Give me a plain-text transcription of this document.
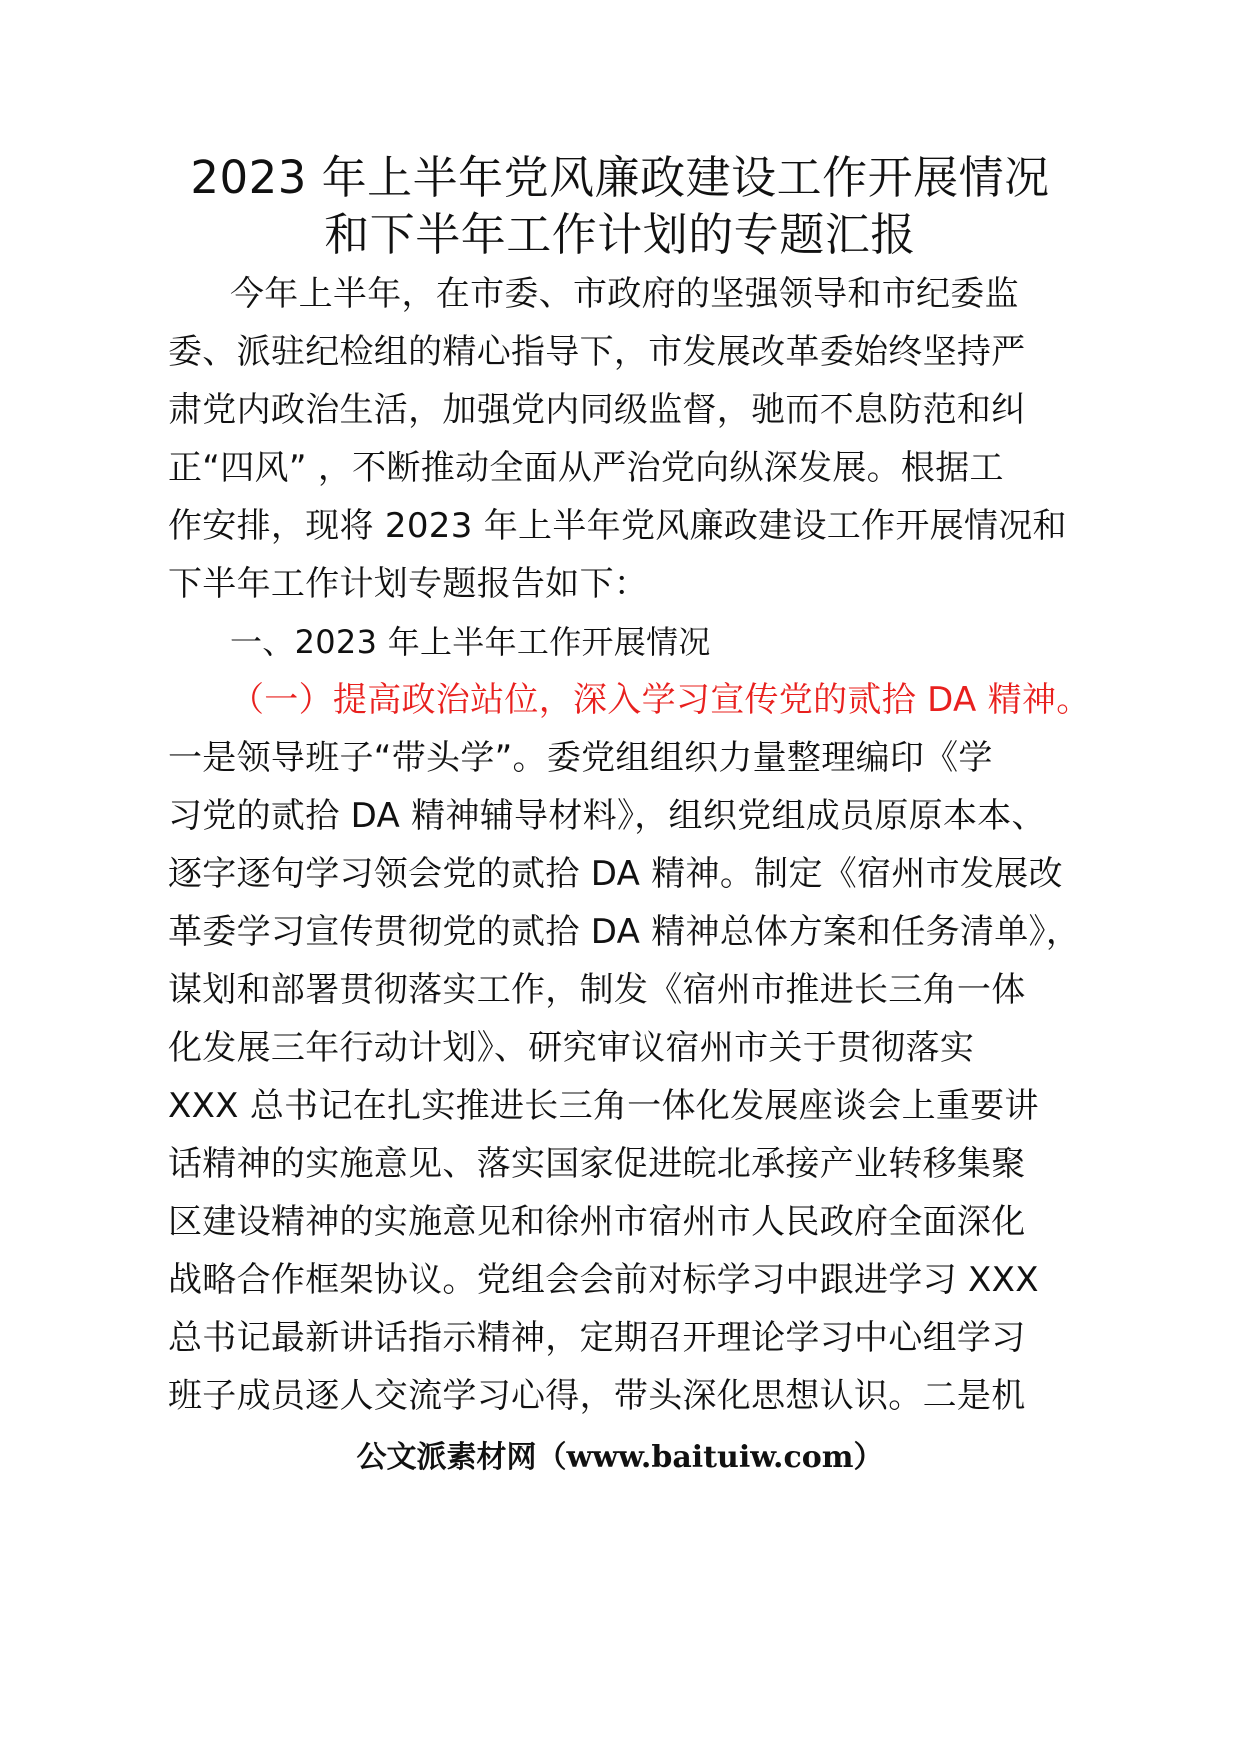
2023 年上半年党风廉政建设工作开展情况
和下半年工作计划的专题汇报
今年上半年，在市委、市政府的坚强领导和市纪委监
委、派驻纪检组的精心指导下，市发展改革委始终坚持严
肃党内政治生活，加强党内同级监督，驰而不息防范和纠
正“四风” ，不断推动全面从严治党向纵深发展。根据工
作安排，现将 2023 年上半年党风廉政建设工作开展情况和
下半年工作计划专题报告如下：
一、2023 年上半年工作开展情况
（一）提高政治站位，深入学习宣传党的贰拾 DA 精神。
一是领导班子“带头学”。委党组组织力量整理编印《学
习党的贰拾 DA 精神辅导材料》，组织党组成员原原本本、
逐字逐句学习领会党的贰拾 DA 精神。制定《宿州市发展改
革委学习宣传贯彻党的贰拾 DA 精神总体方案和任务清单》，
谋划和部署贯彻落实工作，制发《宿州市推进长三角一体
化发展三年行动计划》、研究审议宿州市关于贯彻落实
XXX 总书记在扎实推进长三角一体化发展座谈会上重要讲
话精神的实施意见、落实国家促进皖北承接产业转移集聚
区建设精神的实施意见和徐州市宿州市人民政府全面深化
战略合作框架协议。党组会会前对标学习中跟进学习 XXX
总书记最新讲话指示精神，定期召开理论学习中心组学习
班子成员逐人交流学习心得，带头深化思想认识。二是机
公文派素材网（www.baituiw.com）
